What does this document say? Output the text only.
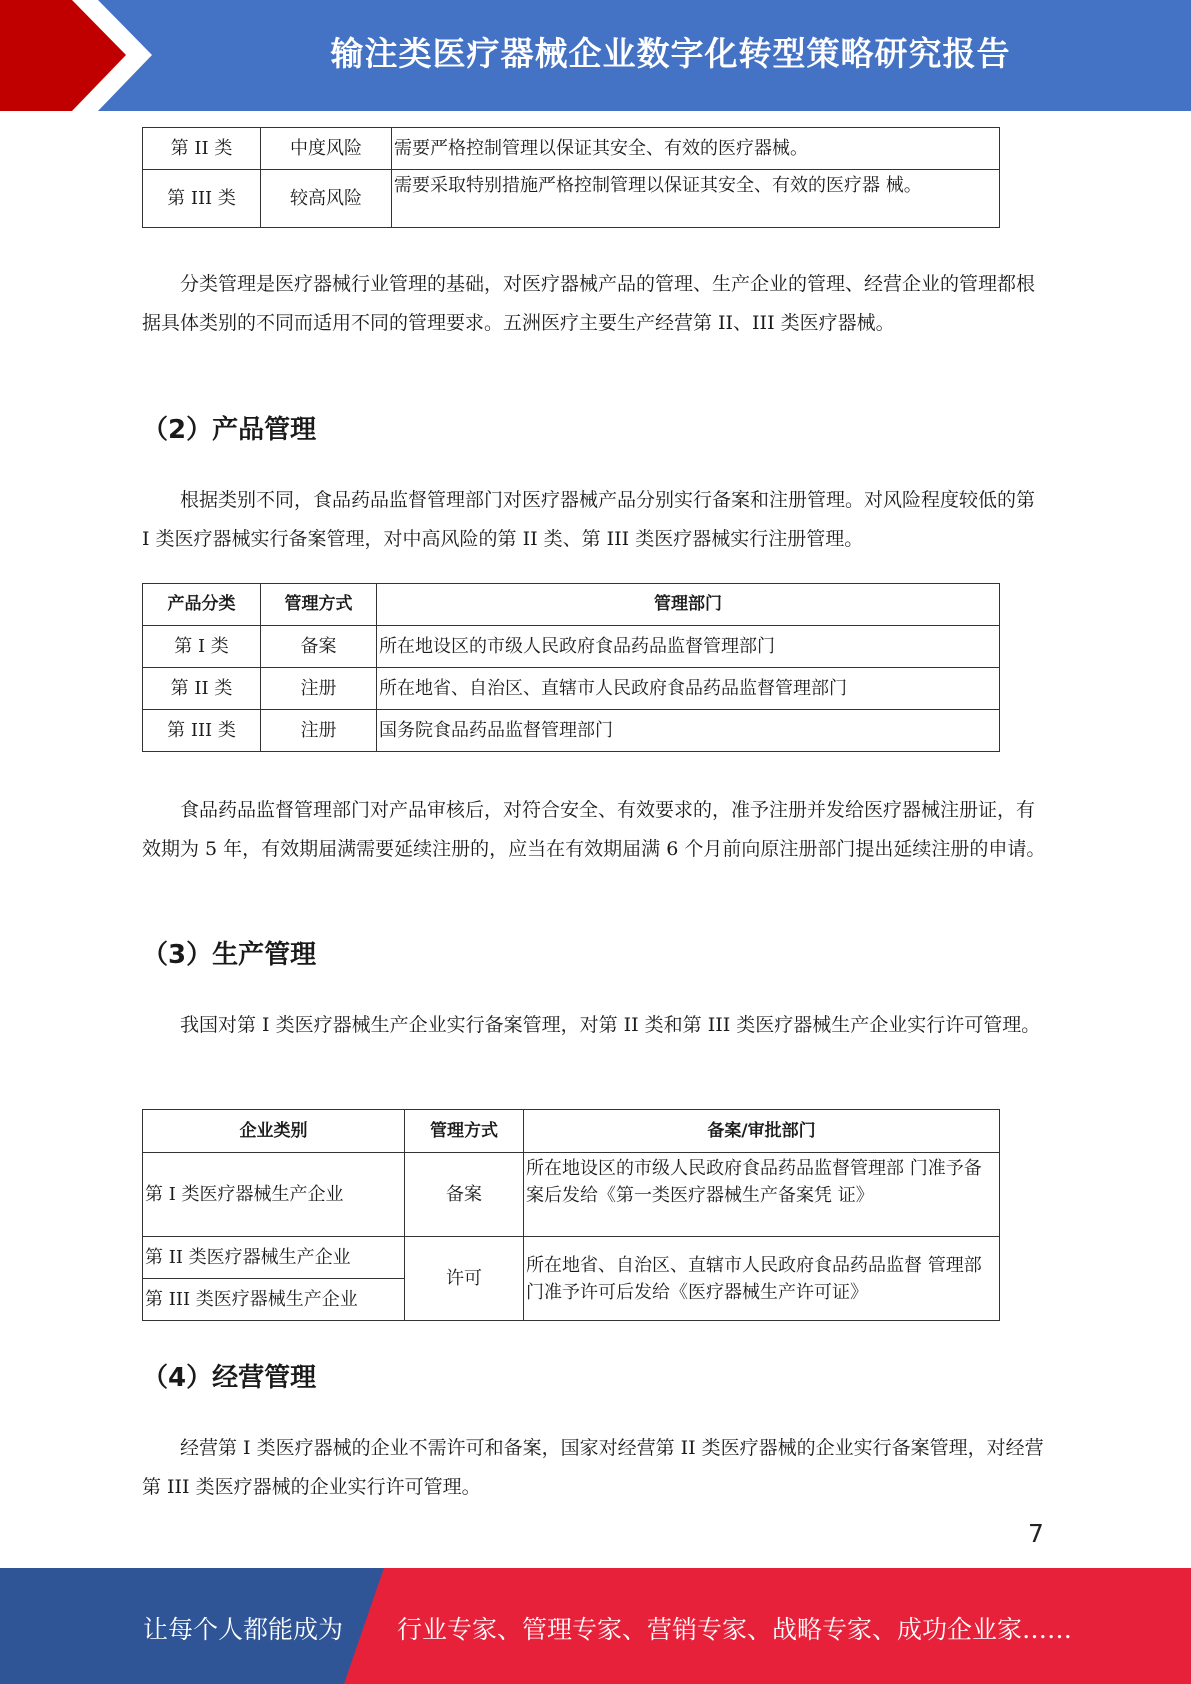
输注类医疗器械企业数字化转型策略研究报告
第 II 类	中度风险	需要严格控制管理以保证其安全、有效的医疗器械。
第 III 类	较高风险	需要采取特别措施严格控制管理以保证其安全、有效的医疗器 械。

分类管理是医疗器械行业管理的基础，对医疗器械产品的管理、生产企业的管理、经营企业的管理都根据具体类别的不同而适用不同的管理要求。五洲医疗主要生产经营第 II、III 类医疗器械。

（2）产品管理

根据类别不同，食品药品监督管理部门对医疗器械产品分别实行备案和注册管理。对风险程度较低的第 I 类医疗器械实行备案管理，对中高风险的第 II 类、第 III 类医疗器械实行注册管理。

产品分类	管理方式	管理部门
第 I 类	备案	所在地设区的市级人民政府食品药品监督管理部门
第 II 类	注册	所在地省、自治区、直辖市人民政府食品药品监督管理部门
第 III 类	注册	国务院食品药品监督管理部门

食品药品监督管理部门对产品审核后，对符合安全、有效要求的，准予注册并发给医疗器械注册证，有效期为 5 年，有效期届满需要延续注册的，应当在有效期届满 6 个月前向原注册部门提出延续注册的申请。

（3）生产管理

我国对第 I 类医疗器械生产企业实行备案管理，对第 II 类和第 III 类医疗器械生产企业实行许可管理。

企业类别	管理方式	备案/审批部门
第 I 类医疗器械生产企业	备案	所在地设区的市级人民政府食品药品监督管理部 门准予备案后发给《第一类医疗器械生产备案凭 证》
第 II 类医疗器械生产企业	许可	所在地省、自治区、直辖市人民政府食品药品监督 管理部门准予许可后发给《医疗器械生产许可证》
第 III 类医疗器械生产企业		
（4）经营管理

经营第 I 类医疗器械的企业不需许可和备案，国家对经营第 II 类医疗器械的企业实行备案管理，对经营第 III 类医疗器械的企业实行许可管理。

7
让每个人都能成为 行业专家、管理专家、营销专家、战略专家、成功企业家……
